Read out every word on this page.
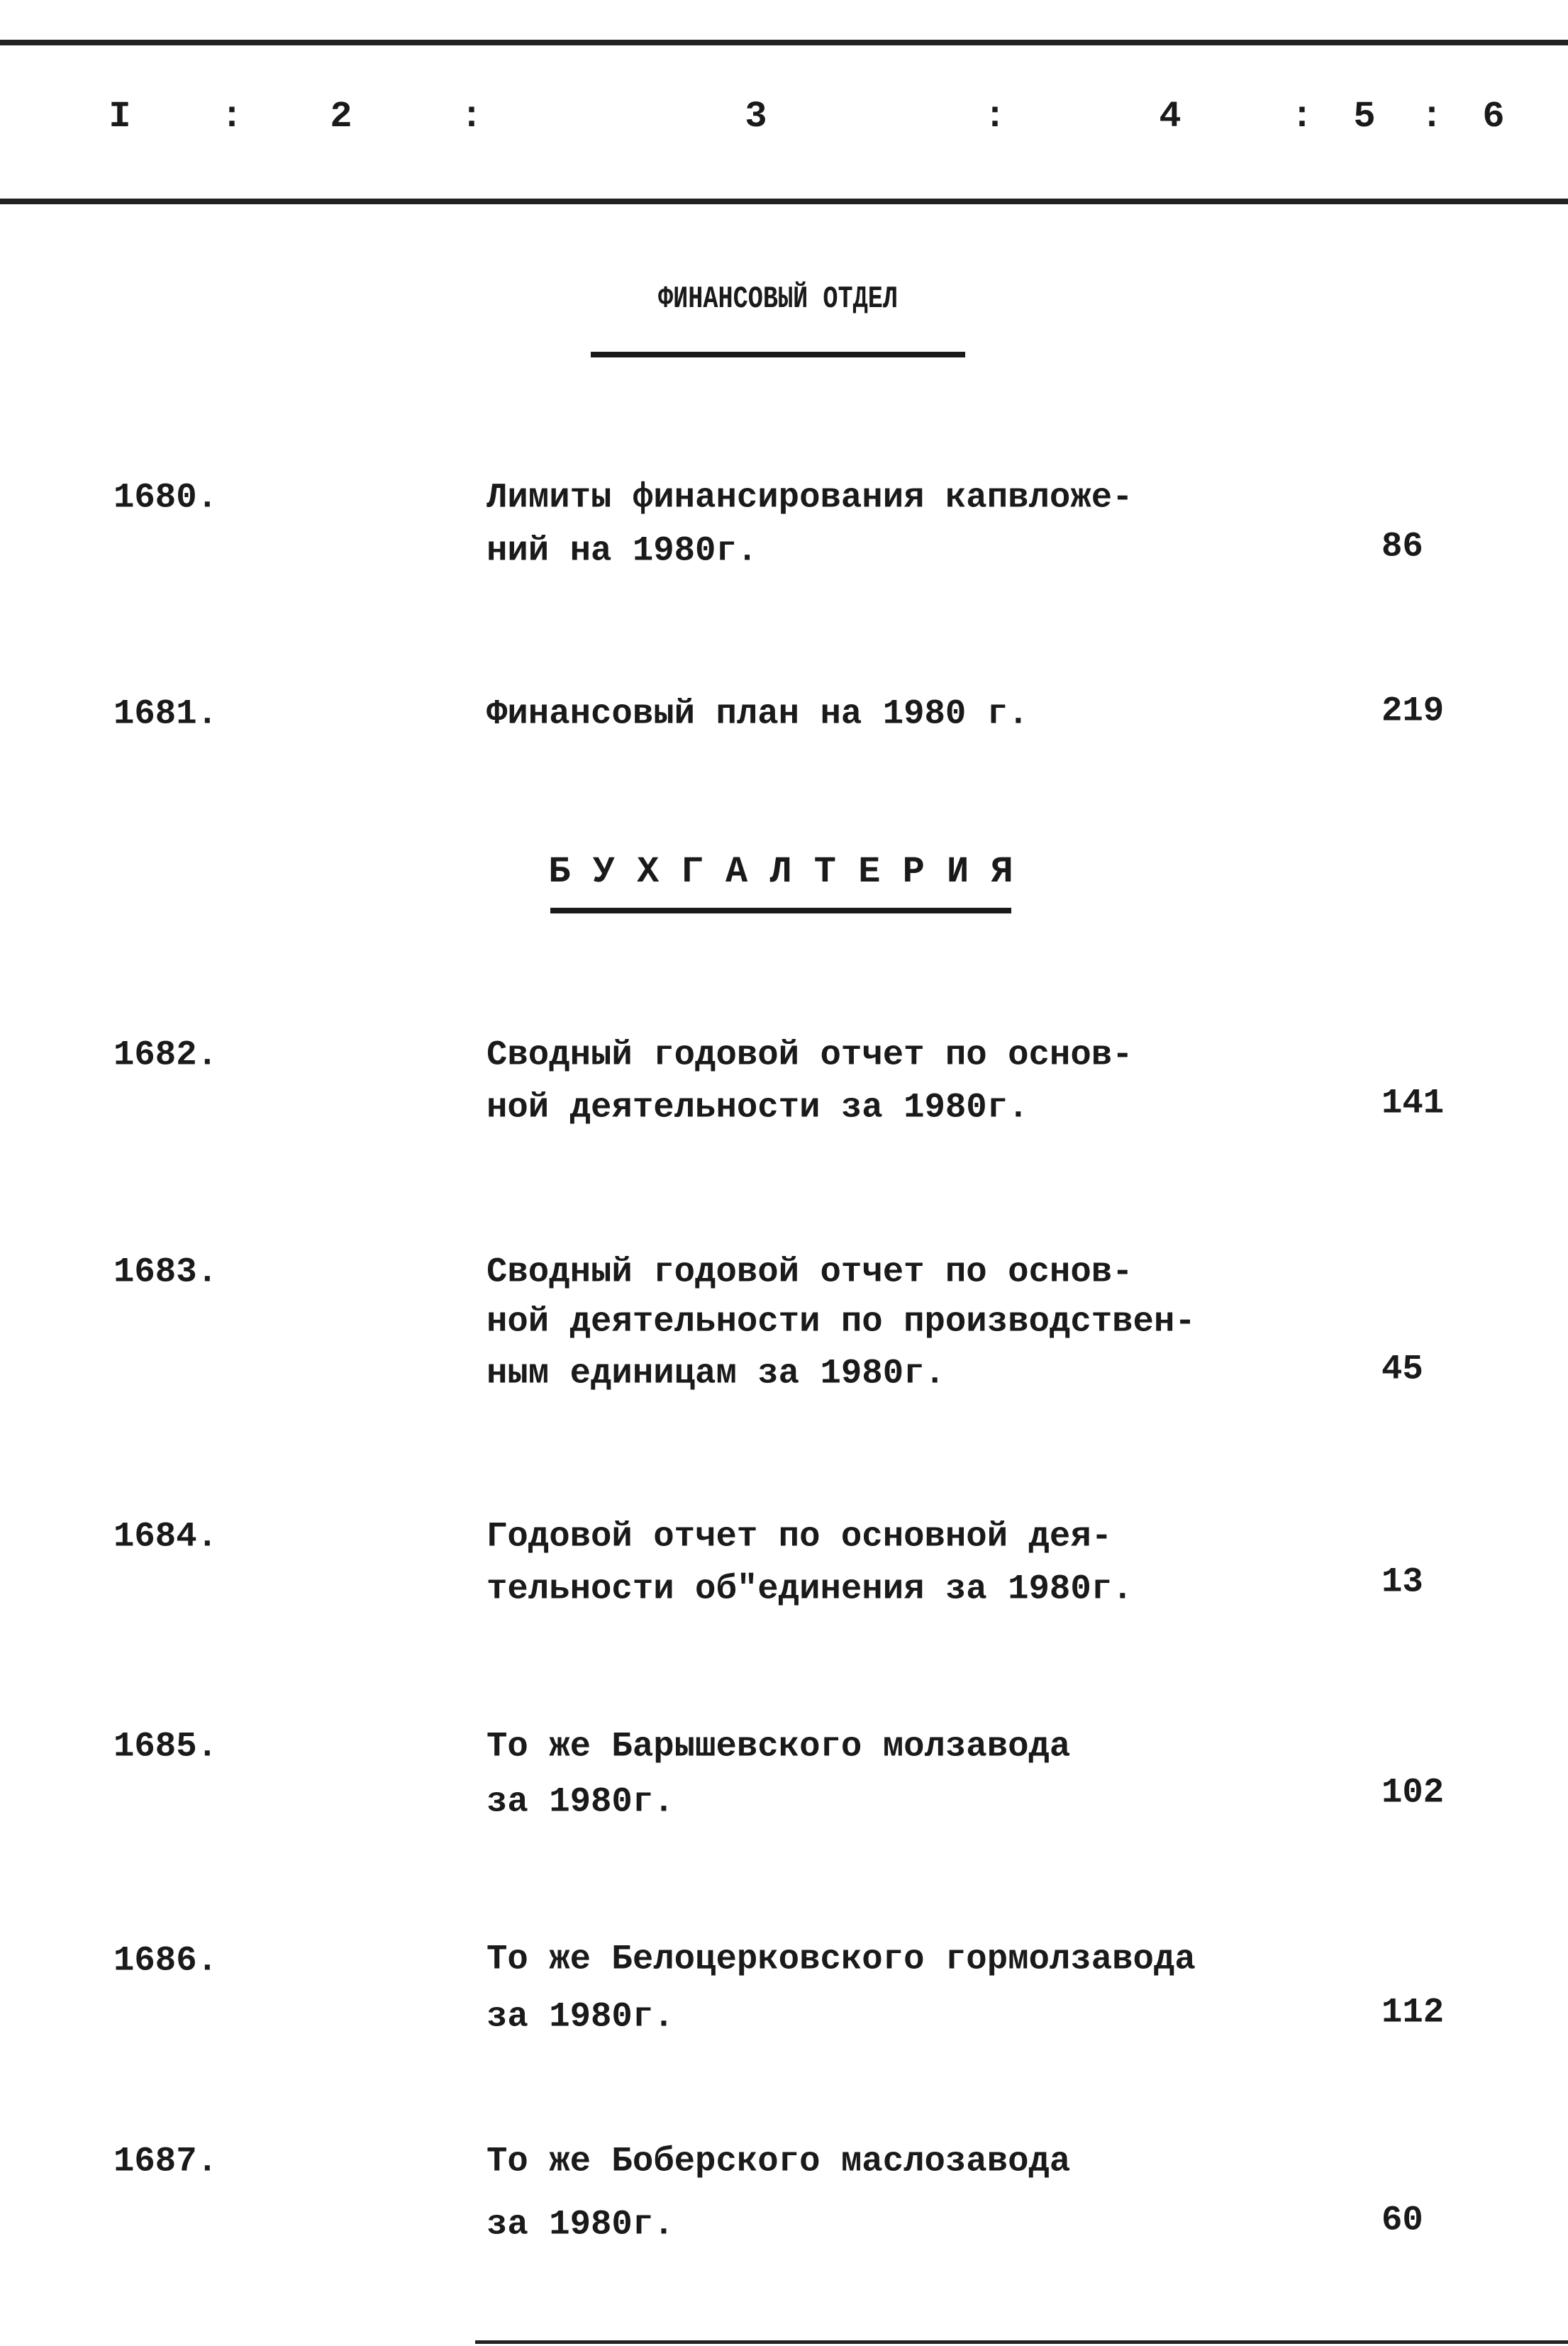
I : 2	:	3	:	4	: 5 : 6
ФИНАНСОВЫЙ ОТДЕЛ
1680.	Лимиты финансирования капвложе-
ний на 1980г.	86
1681.	Финансовый план на 1980 г.	219
Б У Х Г А Л Т Е Р И Я
1682.	Сводный годовой отчет по основ-
ной деятельности за 1980г.	141
1683.	Сводный годовой отчет по основ-
ной деятельности по производствен-
ным единицам за 1980г.	45
1684.	Годовой отчет по основной дея-
тельности об"единения за 1980г.	13
1685.	То же Барышевского молзавода
за 1980г.	102
1686.	То же Белоцерковского гормолзавода
за 1980г.	112
1687.	То же Боберского маслозавода
за 1980г.	60
